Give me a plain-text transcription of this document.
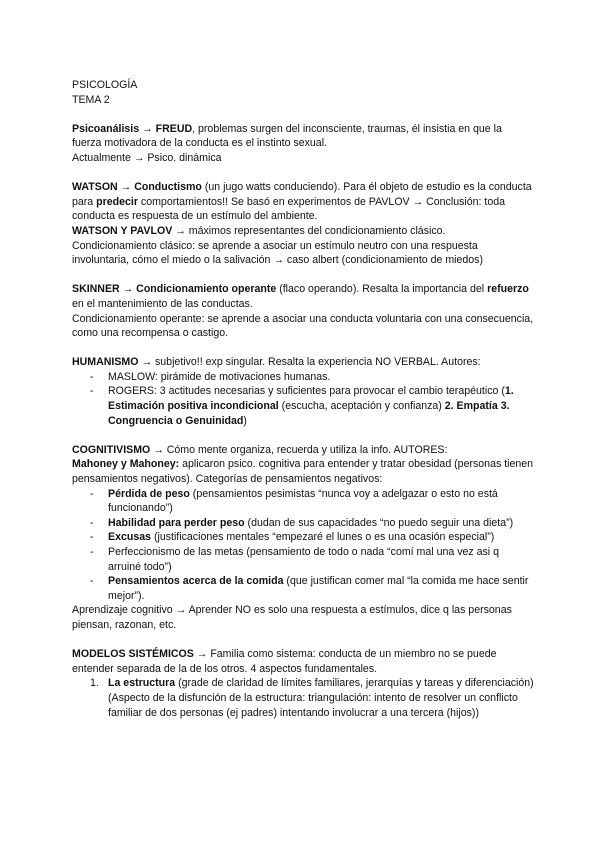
PSICOLOGÍA

TEMA 2

Psicoanálisis → FREUD, problemas surgen del inconsciente, traumas, él insistia en que la fuerza motivadora de la conducta es el instinto sexual.

Actualmente → Psico. dinámica

WATSON → Conductismo (un jugo watts conduciendo). Para él objeto de estudio es la conducta para predecir comportamientos!! Se basó en experimentos de PAVLOV → Conclusión: toda conducta es respuesta de un estímulo del ambiente.

WATSON Y PAVLOV → máximos representantes del condicionamiento clásico.

Condicionamiento clásico: se aprende a asociar un estímulo neutro con una respuesta involuntaria, cómo el miedo o la salivación → caso albert (condicionamiento de miedos)

SKINNER → Condicionamiento operante (flaco operando). Resalta la importancia del refuerzo en el mantenimiento de las conductas.

Condicionamiento operante: se aprende a asociar una conducta voluntaria con una consecuencia, como una recompensa o castigo.

HUMANISMO → subjetivo!! exp singular. Resalta la experiencia NO VERBAL. Autores:

- MASLOW: pirámide de motivaciones humanas.
- ROGERS: 3 actitudes necesarias y suficientes para provocar el cambio terapéutico (1. Estimación positiva incondicional (escucha, aceptación y confianza) 2. Empatía 3. Congruencia o Genuinidad)

COGNITIVISMO → Cómo mente organiza, recuerda y utiliza la info. AUTORES:

Mahoney y Mahoney: aplicaron psico. cognitiva para entender y tratar obesidad (personas tienen pensamientos negativos). Categorías de pensamientos negativos:

- Pérdida de peso (pensamientos pesimistas “nunca voy a adelgazar o esto no está funcionando”)
- Habilidad para perder peso (dudan de sus capacidades “no puedo seguir una dieta”)
- Excusas (justificaciones mentales “empezaré el lunes o es una ocasión especial”)
- Perfeccionismo de las metas (pensamiento de todo o nada “comí mal una vez asi q arruiné todo”)
- Pensamientos acerca de la comida (que justifican comer mal “la comida me hace sentir mejor”).

Aprendizaje cognitivo → Aprender NO es solo una respuesta a estímulos, dice q las personas piensan, razonan, etc.

MODELOS SISTÉMICOS → Familia como sistema: conducta de un miembro no se puede entender separada de la de los otros. 4 aspectos fundamentales.

1. La estructura (grade de claridad de límites familiares, jerarquías y tareas y diferenciación) (Aspecto de la disfunción de la estructura: triangulación: intento de resolver un conflicto familiar de dos personas (ej padres) intentando involucrar a una tercera (hijos))
